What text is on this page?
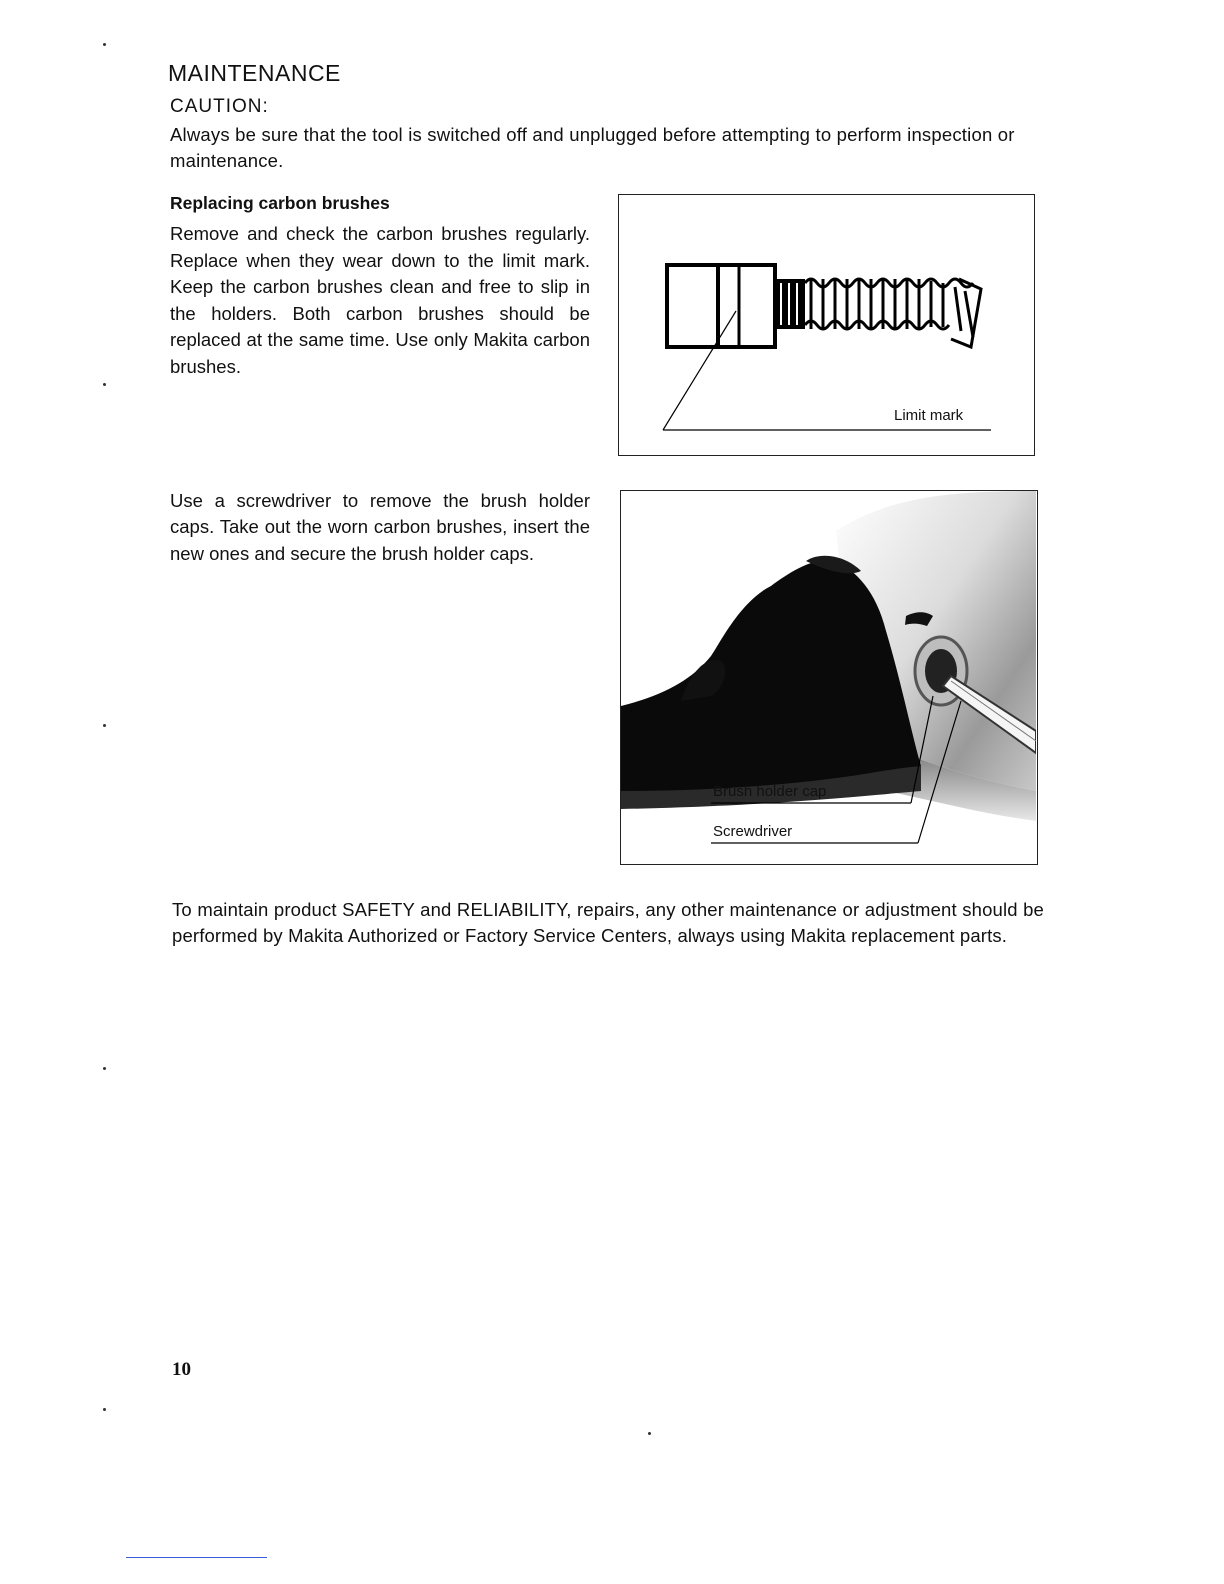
MAINTENANCE
CAUTION:
Always be sure that the tool is switched off and unplugged before attempting to perform inspection or maintenance.
Replacing carbon brushes
Remove and check the carbon brushes regularly. Replace when they wear down to the limit mark. Keep the carbon brushes clean and free to slip in the holders. Both carbon brushes should be replaced at the same time. Use only Makita carbon brushes.
Use a screwdriver to remove the brush holder caps. Take out the worn carbon brushes, insert the new ones and secure the brush holder caps.
Limit mark
Brush holder cap
Screwdriver
To maintain product SAFETY and RELIABILITY, repairs, any other maintenance or adjustment should be performed by Makita Authorized or Factory Service Centers, always using Makita replacement parts.
10
